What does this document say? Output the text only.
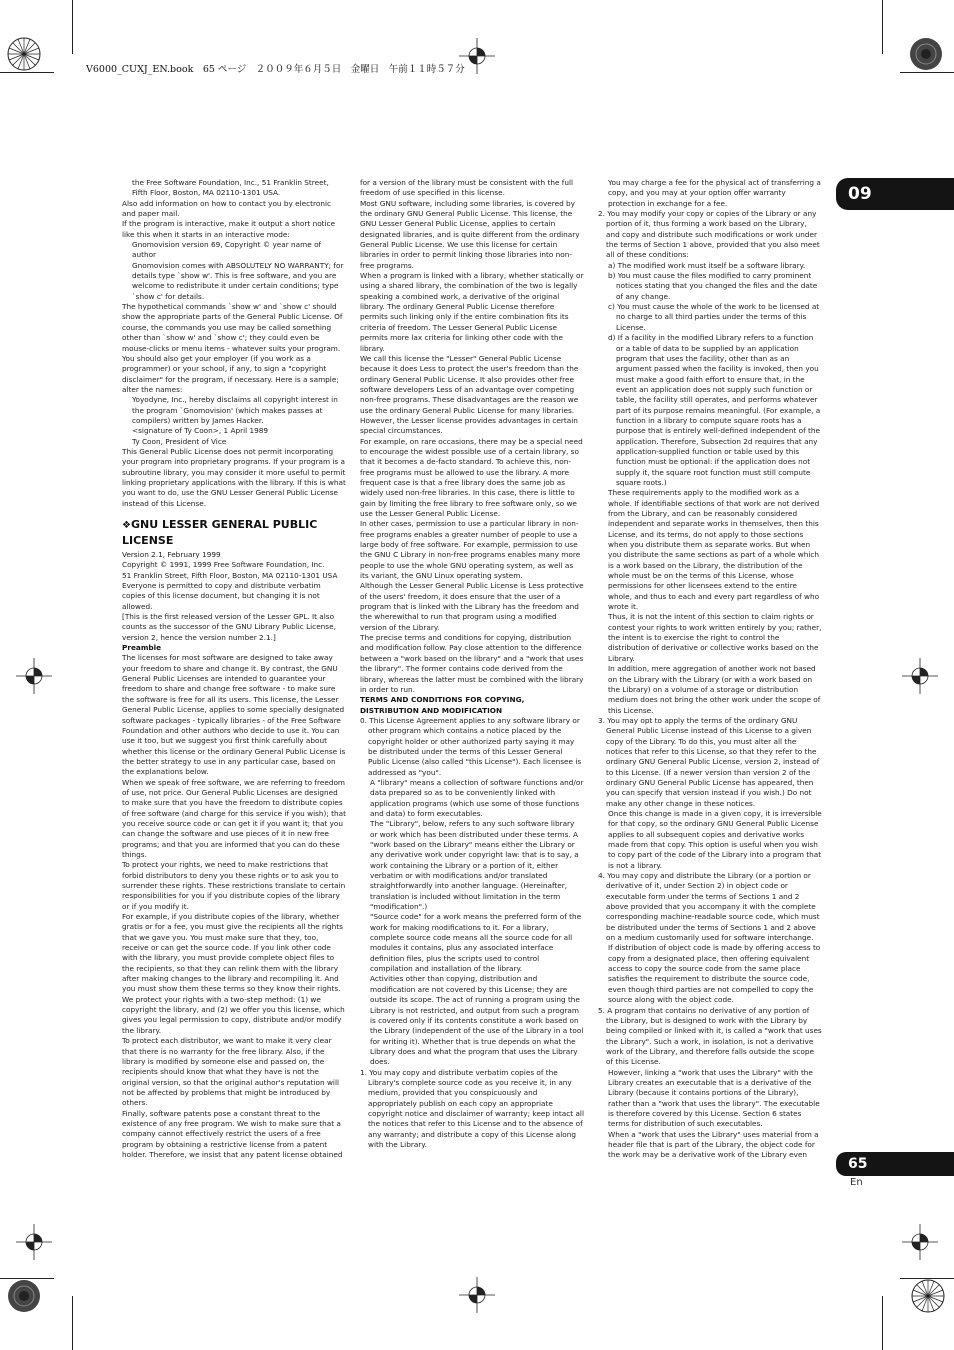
V6000_CUXJ_EN.book　65 ページ　２００９年６月５日　金曜日　午前１１時５７分
09
65
En

the Free Software Foundation, Inc., 51 Franklin Street, Fifth Floor, Boston, MA 02110-1301 USA.

Also add information on how to contact you by electronic and paper mail.

If the program is interactive, make it output a short notice like this when it starts in an interactive mode:

Gnomovision version 69, Copyright © year name of author

Gnomovision comes with ABSOLUTELY NO WARRANTY; for details type `show w'. This is free software, and you are welcome to redistribute it under certain conditions; type `show c' for details.

The hypothetical commands `show w' and `show c' should show the appropriate parts of the General Public License. Of course, the commands you use may be called something other than `show w' and `show c'; they could even be mouse-clicks or menu items - whatever suits your program.

You should also get your employer (if you work as a programmer) or your school, if any, to sign a "copyright disclaimer" for the program, if necessary. Here is a sample; alter the names:

Yoyodyne, Inc., hereby disclaims all copyright interest in the program `Gnomovision' (which makes passes at compilers) written by James Hacker.

<signature of Ty Coon>, 1 April 1989

Ty Coon, President of Vice

This General Public License does not permit incorporating your program into proprietary programs. If your program is a subroutine library, you may consider it more useful to permit linking proprietary applications with the library. If this is what you want to do, use the GNU Lesser General Public License instead of this License.

❖GNU LESSER GENERAL PUBLIC LICENSE

Version 2.1, February 1999

Copyright © 1991, 1999 Free Software Foundation, Inc.

51 Franklin Street, Fifth Floor, Boston, MA 02110-1301 USA

Everyone is permitted to copy and distribute verbatim copies of this license document, but changing it is not allowed.

[This is the first released version of the Lesser GPL. It also counts as the successor of the GNU Library Public License, version 2, hence the version number 2.1.]

Preamble

The licenses for most software are designed to take away your freedom to share and change it. By contrast, the GNU General Public Licenses are intended to guarantee your freedom to share and change free software - to make sure the software is free for all its users. This license, the Lesser General Public License, applies to some specially designated software packages - typically libraries - of the Free Software Foundation and other authors who decide to use it. You can use it too, but we suggest you first think carefully about whether this license or the ordinary General Public License is the better strategy to use in any particular case, based on the explanations below.

When we speak of free software, we are referring to freedom of use, not price. Our General Public Licenses are designed to make sure that you have the freedom to distribute copies of free software (and charge for this service if you wish); that you receive source code or can get it if you want it; that you can change the software and use pieces of it in new free programs; and that you are informed that you can do these things.

To protect your rights, we need to make restrictions that forbid distributors to deny you these rights or to ask you to surrender these rights. These restrictions translate to certain responsibilities for you if you distribute copies of the library or if you modify it.

For example, if you distribute copies of the library, whether gratis or for a fee, you must give the recipients all the rights that we gave you. You must make sure that they, too, receive or can get the source code. If you link other code with the library, you must provide complete object files to the recipients, so that they can relink them with the library after making changes to the library and recompiling it. And you must show them these terms so they know their rights.

We protect your rights with a two-step method: (1) we copyright the library, and (2) we offer you this license, which gives you legal permission to copy, distribute and/or modify the library.

To protect each distributor, we want to make it very clear that there is no warranty for the free library. Also, if the library is modified by someone else and passed on, the recipients should know that what they have is not the original version, so that the original author's reputation will not be affected by problems that might be introduced by others.

Finally, software patents pose a constant threat to the existence of any free program. We wish to make sure that a company cannot effectively restrict the users of a free program by obtaining a restrictive license from a patent holder. Therefore, we insist that any patent license obtained

for a version of the library must be consistent with the full freedom of use specified in this license.

Most GNU software, including some libraries, is covered by the ordinary GNU General Public License. This license, the GNU Lesser General Public License, applies to certain designated libraries, and is quite different from the ordinary General Public License. We use this license for certain libraries in order to permit linking those libraries into non-free programs.

When a program is linked with a library, whether statically or using a shared library, the combination of the two is legally speaking a combined work, a derivative of the original library. The ordinary General Public License therefore permits such linking only if the entire combination fits its criteria of freedom. The Lesser General Public License permits more lax criteria for linking other code with the library.

We call this license the "Lesser" General Public License because it does Less to protect the user's freedom than the ordinary General Public License. It also provides other free software developers Less of an advantage over competing non-free programs. These disadvantages are the reason we use the ordinary General Public License for many libraries. However, the Lesser license provides advantages in certain special circumstances.

For example, on rare occasions, there may be a special need to encourage the widest possible use of a certain library, so that it becomes a de-facto standard. To achieve this, non-free programs must be allowed to use the library. A more frequent case is that a free library does the same job as widely used non-free libraries. In this case, there is little to gain by limiting the free library to free software only, so we use the Lesser General Public License.

In other cases, permission to use a particular library in non-free programs enables a greater number of people to use a large body of free software. For example, permission to use the GNU C Library in non-free programs enables many more people to use the whole GNU operating system, as well as its variant, the GNU Linux operating system.

Although the Lesser General Public License is Less protective of the users' freedom, it does ensure that the user of a program that is linked with the Library has the freedom and the wherewithal to run that program using a modified version of the Library.

The precise terms and conditions for copying, distribution and modification follow. Pay close attention to the difference between a "work based on the library" and a "work that uses the library". The former contains code derived from the library, whereas the latter must be combined with the library in order to run.

TERMS AND CONDITIONS FOR COPYING, DISTRIBUTION AND MODIFICATION

0. This License Agreement applies to any software library or other program which contains a notice placed by the copyright holder or other authorized party saying it may be distributed under the terms of this Lesser General Public License (also called "this License"). Each licensee is addressed as "you".

A "library" means a collection of software functions and/or data prepared so as to be conveniently linked with application programs (which use some of those functions and data) to form executables.

The "Library", below, refers to any such software library or work which has been distributed under these terms. A "work based on the Library" means either the Library or any derivative work under copyright law: that is to say, a work containing the Library or a portion of it, either verbatim or with modifications and/or translated straightforwardly into another language. (Hereinafter, translation is included without limitation in the term "modification".)

"Source code" for a work means the preferred form of the work for making modifications to it. For a library, complete source code means all the source code for all modules it contains, plus any associated interface definition files, plus the scripts used to control compilation and installation of the library.

Activities other than copying, distribution and modification are not covered by this License; they are outside its scope. The act of running a program using the Library is not restricted, and output from such a program is covered only if its contents constitute a work based on the Library (independent of the use of the Library in a tool for writing it). Whether that is true depends on what the Library does and what the program that uses the Library does.

1. You may copy and distribute verbatim copies of the Library's complete source code as you receive it, in any medium, provided that you conspicuously and appropriately publish on each copy an appropriate copyright notice and disclaimer of warranty; keep intact all the notices that refer to this License and to the absence of any warranty; and distribute a copy of this License along with the Library.

You may charge a fee for the physical act of transferring a copy, and you may at your option offer warranty protection in exchange for a fee.

2. You may modify your copy or copies of the Library or any portion of it, thus forming a work based on the Library, and copy and distribute such modifications or work under the terms of Section 1 above, provided that you also meet all of these conditions:

a) The modified work must itself be a software library.

b) You must cause the files modified to carry prominent notices stating that you changed the files and the date of any change.

c) You must cause the whole of the work to be licensed at no charge to all third parties under the terms of this License.

d) If a facility in the modified Library refers to a function or a table of data to be supplied by an application program that uses the facility, other than as an argument passed when the facility is invoked, then you must make a good faith effort to ensure that, in the event an application does not supply such function or table, the facility still operates, and performs whatever part of its purpose remains meaningful. (For example, a function in a library to compute square roots has a purpose that is entirely well-defined independent of the application. Therefore, Subsection 2d requires that any application-supplied function or table used by this function must be optional: if the application does not supply it, the square root function must still compute square roots.)

These requirements apply to the modified work as a whole. If identifiable sections of that work are not derived from the Library, and can be reasonably considered independent and separate works in themselves, then this License, and its terms, do not apply to those sections when you distribute them as separate works. But when you distribute the same sections as part of a whole which is a work based on the Library, the distribution of the whole must be on the terms of this License, whose permissions for other licensees extend to the entire whole, and thus to each and every part regardless of who wrote it.

Thus, it is not the intent of this section to claim rights or contest your rights to work written entirely by you; rather, the intent is to exercise the right to control the distribution of derivative or collective works based on the Library.

In addition, mere aggregation of another work not based on the Library with the Library (or with a work based on the Library) on a volume of a storage or distribution medium does not bring the other work under the scope of this License.

3. You may opt to apply the terms of the ordinary GNU General Public License instead of this License to a given copy of the Library. To do this, you must alter all the notices that refer to this License, so that they refer to the ordinary GNU General Public License, version 2, instead of to this License. (If a newer version than version 2 of the ordinary GNU General Public License has appeared, then you can specify that version instead if you wish.) Do not make any other change in these notices.

Once this change is made in a given copy, it is irreversible for that copy, so the ordinary GNU General Public License applies to all subsequent copies and derivative works made from that copy. This option is useful when you wish to copy part of the code of the Library into a program that is not a library.

4. You may copy and distribute the Library (or a portion or derivative of it, under Section 2) in object code or executable form under the terms of Sections 1 and 2 above provided that you accompany it with the complete corresponding machine-readable source code, which must be distributed under the terms of Sections 1 and 2 above on a medium customarily used for software interchange.

If distribution of object code is made by offering access to copy from a designated place, then offering equivalent access to copy the source code from the same place satisfies the requirement to distribute the source code, even though third parties are not compelled to copy the source along with the object code.

5. A program that contains no derivative of any portion of the Library, but is designed to work with the Library by being compiled or linked with it, is called a "work that uses the Library". Such a work, in isolation, is not a derivative work of the Library, and therefore falls outside the scope of this License.

However, linking a "work that uses the Library" with the Library creates an executable that is a derivative of the Library (because it contains portions of the Library), rather than a "work that uses the library". The executable is therefore covered by this License. Section 6 states terms for distribution of such executables.

When a "work that uses the Library" uses material from a header file that is part of the Library, the object code for the work may be a derivative work of the Library even
